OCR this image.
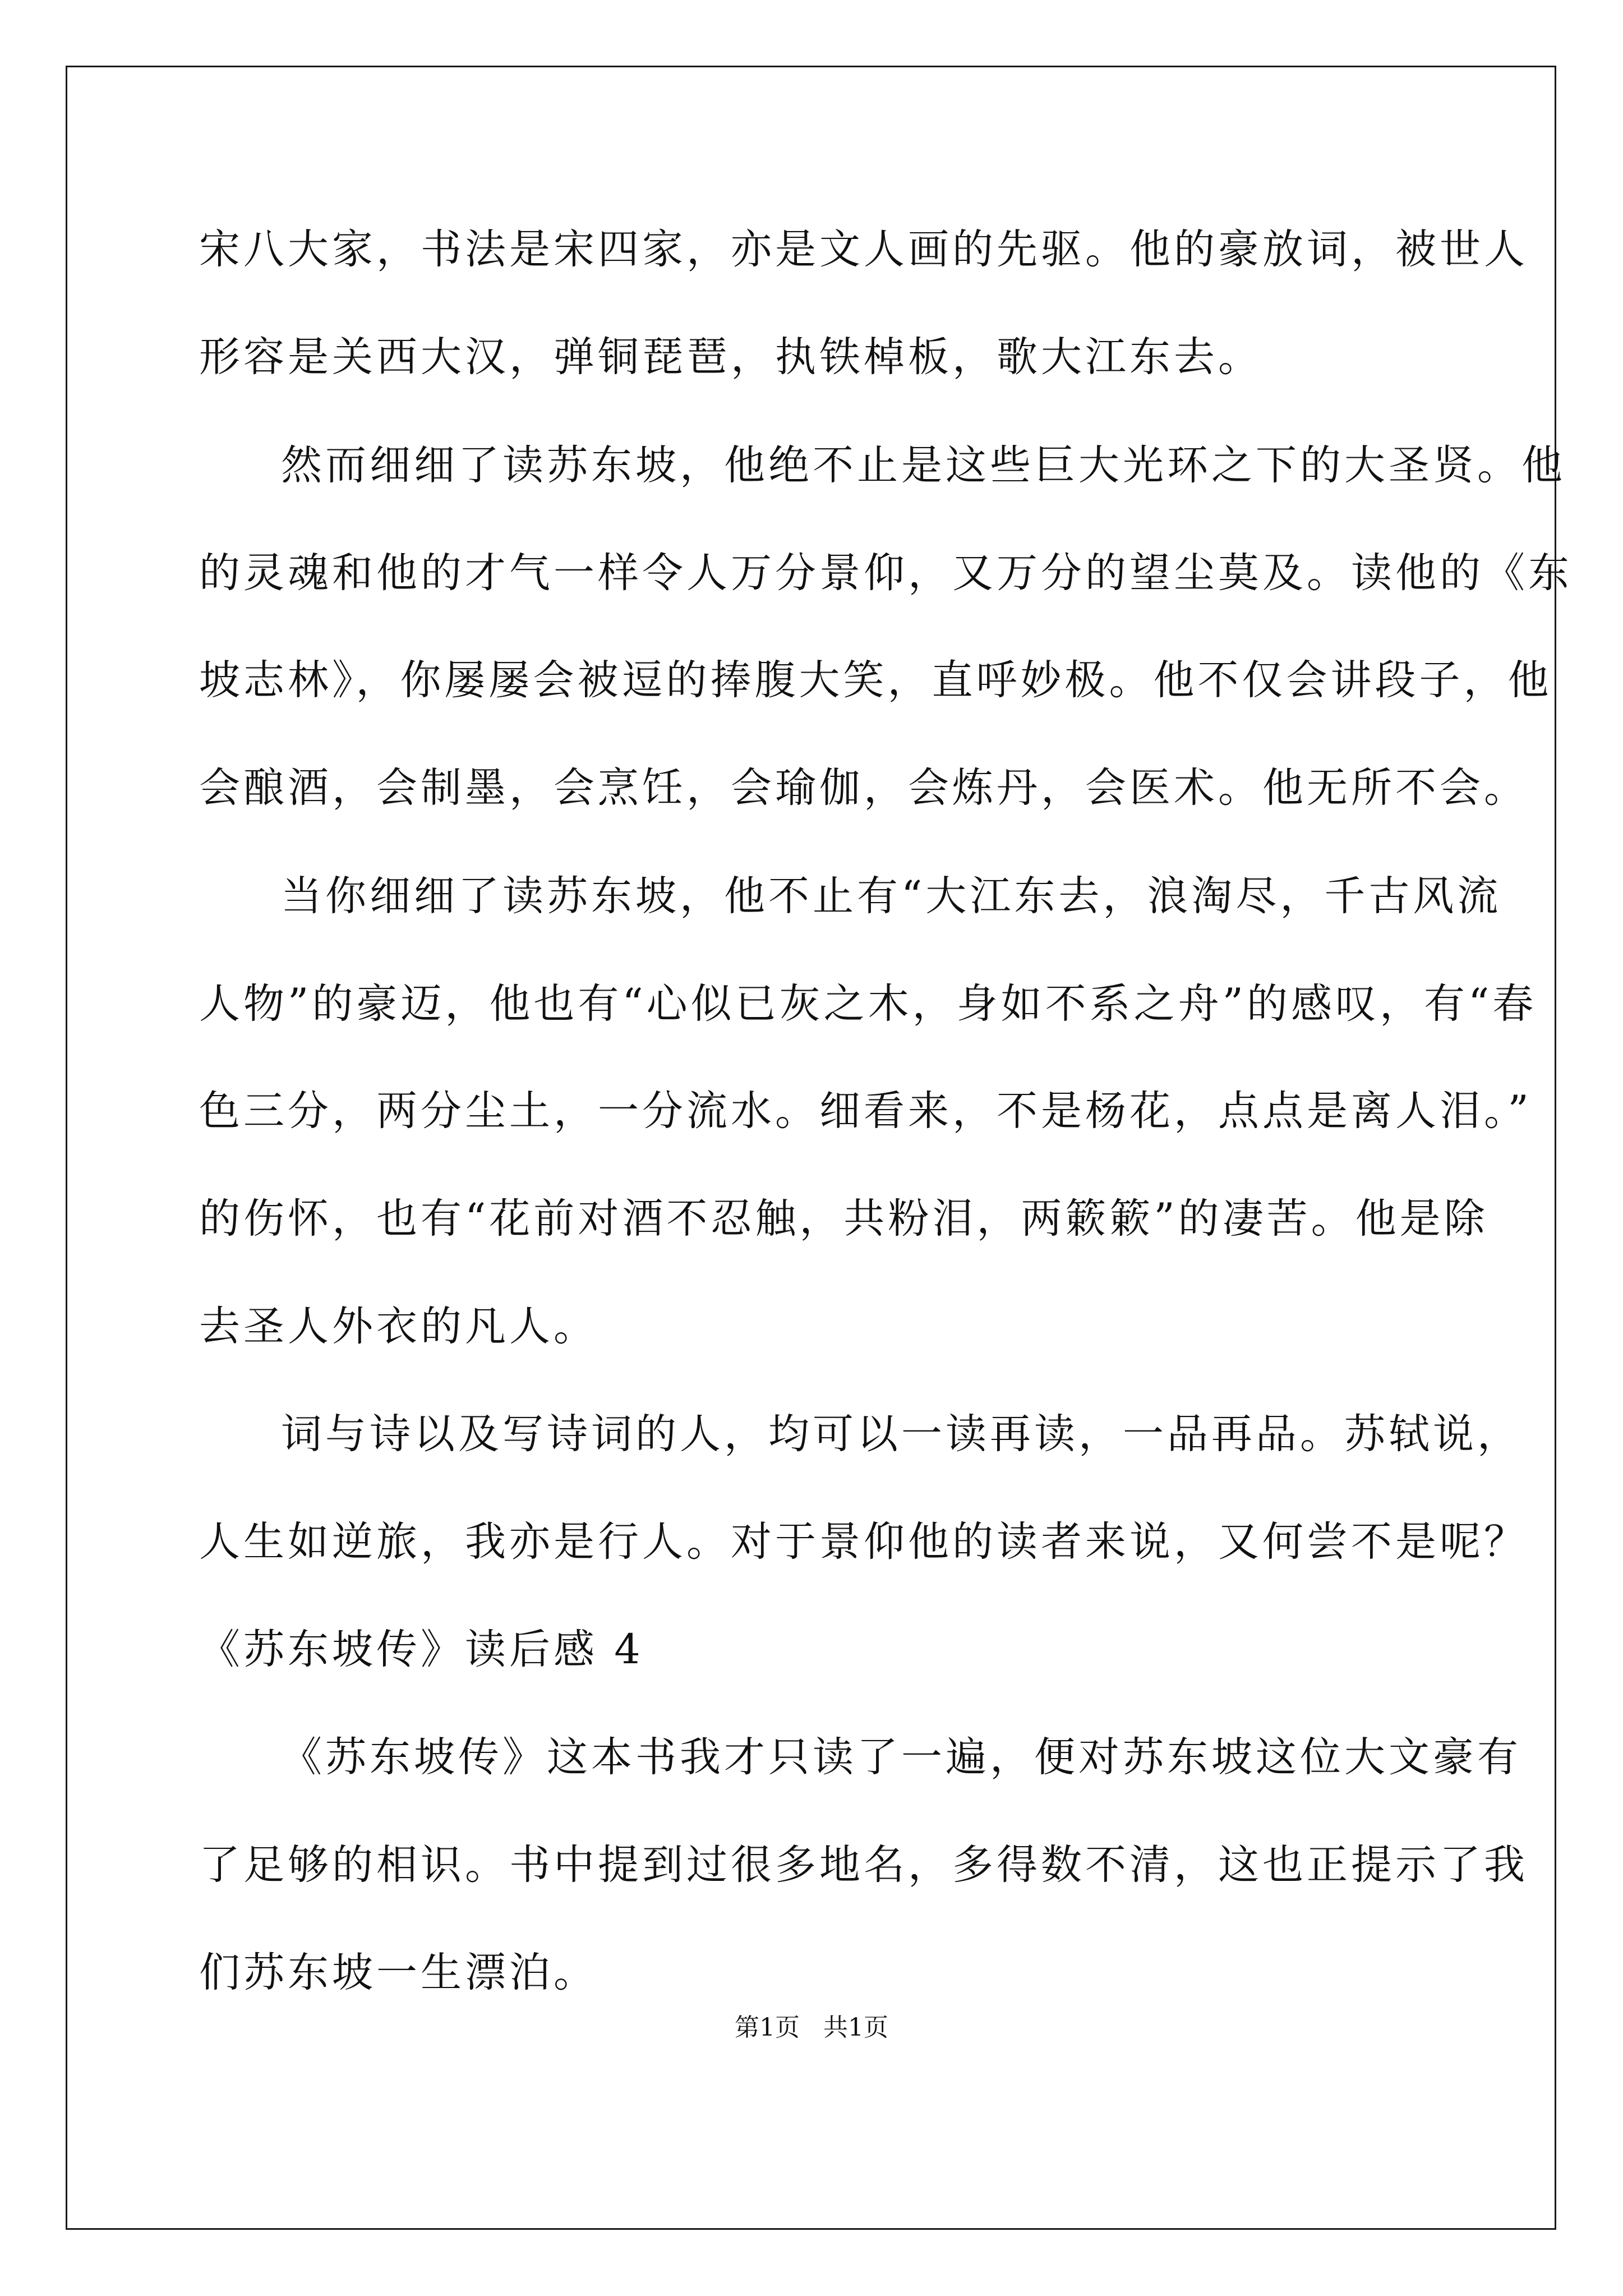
宋八大家，书法是宋四家，亦是文人画的先驱。他的豪放词，被世人
形容是关西大汉，弹铜琵琶，执铁棹板，歌大江东去。
然而细细了读苏东坡，他绝不止是这些巨大光环之下的大圣贤。他
的灵魂和他的才气一样令人万分景仰，又万分的望尘莫及。读他的《东
坡志林》，你屡屡会被逗的捧腹大笑，直呼妙极。他不仅会讲段子，他
会酿酒，会制墨，会烹饪，会瑜伽，会炼丹，会医术。他无所不会。
当你细细了读苏东坡，他不止有“大江东去，浪淘尽，千古风流
人物”的豪迈，他也有“心似已灰之木，身如不系之舟”的感叹，有“春
色三分，两分尘土，一分流水。细看来，不是杨花，点点是离人泪。”
的伤怀，也有“花前对酒不忍触，共粉泪，两簌簌”的凄苦。他是除
去圣人外衣的凡人。
词与诗以及写诗词的人，均可以一读再读，一品再品。苏轼说，
人生如逆旅，我亦是行人。对于景仰他的读者来说，又何尝不是呢？
《苏东坡传》读后感 4
《苏东坡传》这本书我才只读了一遍，便对苏东坡这位大文豪有
了足够的相识。书中提到过很多地名，多得数不清，这也正提示了我
们苏东坡一生漂泊。
第1页   共1页
